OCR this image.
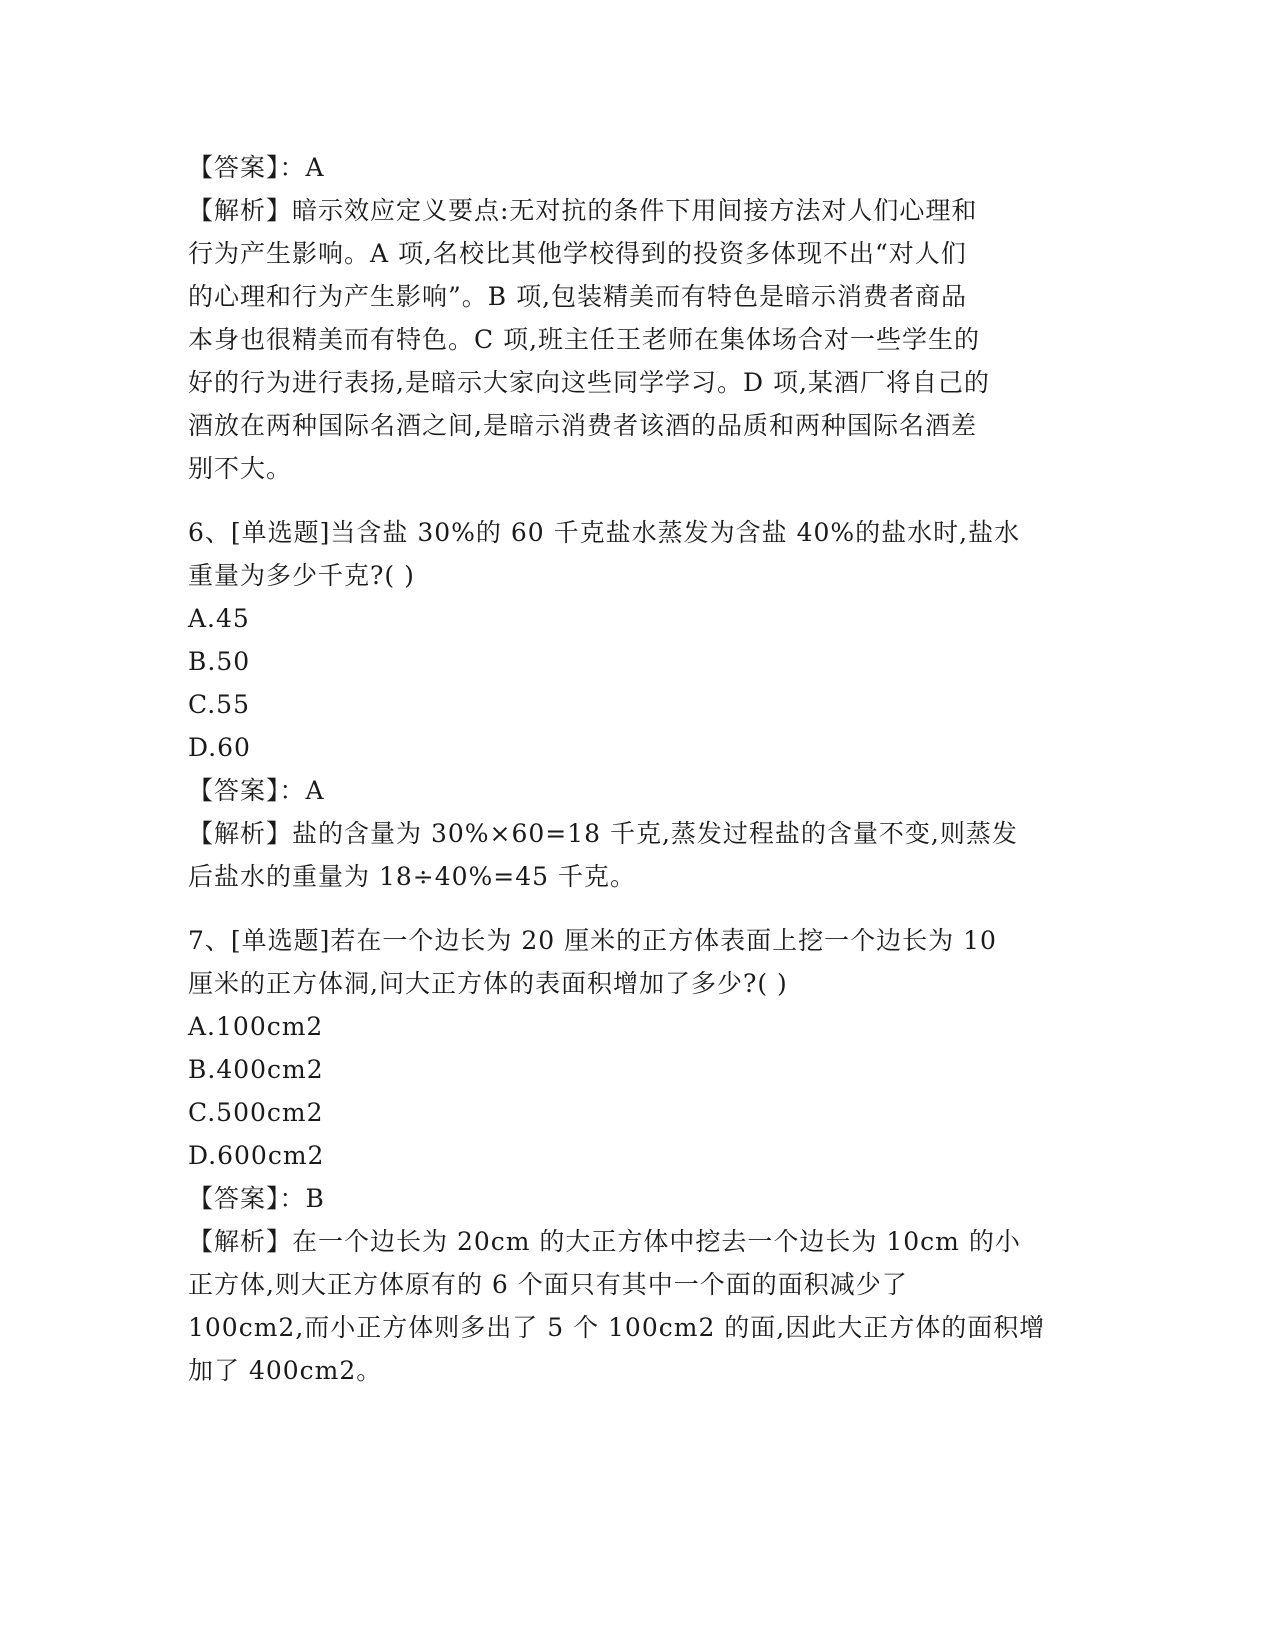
【答案】：A
【解析】暗示效应定义要点:无对抗的条件下用间接方法对人们心理和
行为产生影响。A 项,名校比其他学校得到的投资多体现不出“对人们
的心理和行为产生影响”。B 项,包装精美而有特色是暗示消费者商品
本身也很精美而有特色。C 项,班主任王老师在集体场合对一些学生的
好的行为进行表扬,是暗示大家向这些同学学习。D 项,某酒厂将自己的
酒放在两种国际名酒之间,是暗示消费者该酒的品质和两种国际名酒差
别不大。
6、[单选题]当含盐 30%的 60 千克盐水蒸发为含盐 40%的盐水时,盐水
重量为多少千克?( )
A.45
B.50
C.55
D.60
【答案】：A
【解析】盐的含量为 30%×60=18 千克,蒸发过程盐的含量不变,则蒸发
后盐水的重量为 18÷40%=45 千克。
7、[单选题]若在一个边长为 20 厘米的正方体表面上挖一个边长为 10
厘米的正方体洞,问大正方体的表面积增加了多少?( )
A.100cm2
B.400cm2
C.500cm2
D.600cm2
【答案】：B
【解析】在一个边长为 20cm 的大正方体中挖去一个边长为 10cm 的小
正方体,则大正方体原有的 6 个面只有其中一个面的面积减少了
100cm2,而小正方体则多出了 5 个 100cm2 的面,因此大正方体的面积增
加了 400cm2。
